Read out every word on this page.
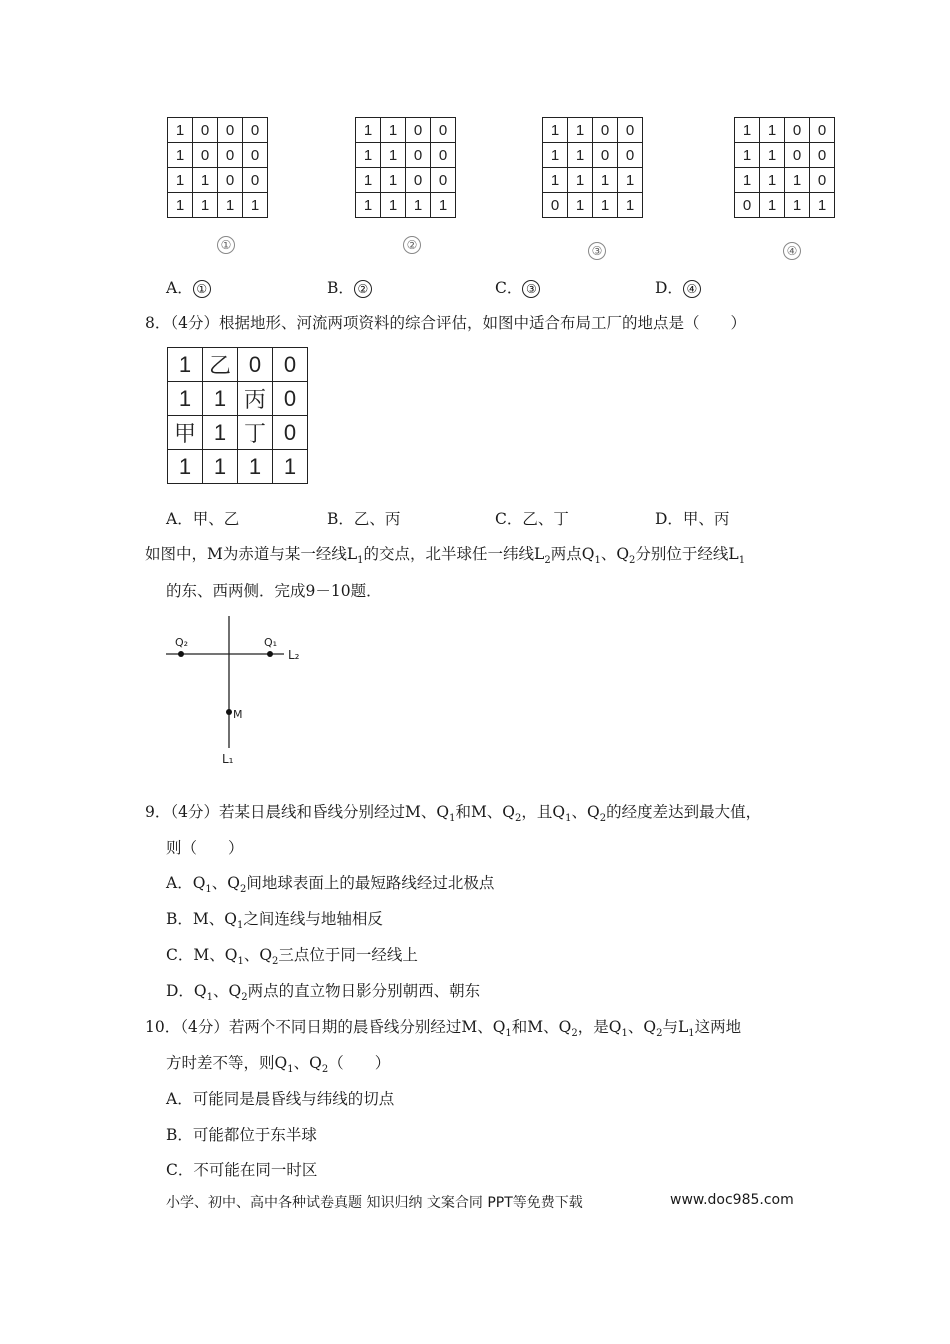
1	0	0	0
1	0	0	0
1	1	0	0
1	1	1	1
1	1	0	0
1	1	0	0
1	1	0	0
1	1	1	1
1	1	0	0
1	1	0	0
1	1	1	1
0	1	1	1
1	1	0	0
1	1	0	0
1	1	1	0
0	1	1	1
①	②	③	④
A． ①	B． ②	C． ③	D． ④
8．（4分）根据地形、河流两项资料的综合评估，如图中适合布局工厂的地点是（　　）
1	乙	0	0
1	1	丙	0
甲	1	丁	0
1	1	1	1
A．甲、乙	B．乙、丙	C．乙、丁	D．甲、丙
如图中，M为赤道与某一经线$L_1$的交点，北半球任一纬线$L_2$两点$Q_1$、$Q_2$分别位于经线$L_1$
的东、西两侧．完成9－10题．
Q₂	Q₁
L₂
M
L₁
9．（4分）若某日晨线和昏线分别经过M、$Q_1$和M、$Q_2$，且$Q_1$、$Q_2$的经度差达到最大值，
则（　　）
A．$Q_1$、$Q_2$间地球表面上的最短路线经过北极点
B．M、$Q_1$之间连线与地轴相反
C．M、$Q_1$、$Q_2$三点位于同一经线上
D．$Q_1$、$Q_2$两点的直立物日影分别朝西、朝东
10．（4分）若两个不同日期的晨昏线分别经过M、$Q_1$和M、$Q_2$，是$Q_1$、$Q_2$与$L_1$这两地
方时差不等，则$Q_1$、$Q_2$（　　）
A．可能同是晨昏线与纬线的切点
B．可能都位于东半球
C．不可能在同一时区
小学、初中、高中各种试卷真题 知识归纳 文案合同 PPT等免费下载	www.doc985.com
